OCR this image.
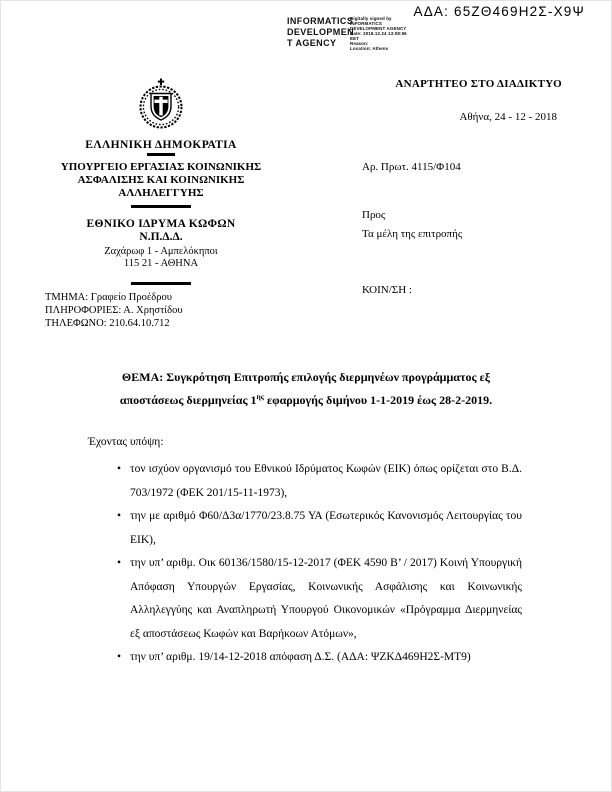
INFORMATICS
DEVELOPMEN
T AGENCY
Digitally signed by
INFORMATICS
DEVELOPMENT AGENCY
Date: 2018.12.24 13:08:56
EET
Reason:
Location: Athens
ΑΔΑ: 65ΖΘ469Η2Σ-Χ9Ψ
ΕΛΛΗΝΙΚΗ ΔΗΜΟΚΡΑΤΙΑ
ΥΠΟΥΡΓΕΙΟ ΕΡΓΑΣΙΑΣ ΚΟΙΝΩΝΙΚΗΣ
ΑΣΦΑΛΙΣΗΣ ΚΑΙ ΚΟΙΝΩΝΙΚΗΣ
ΑΛΛΗΛΕΓΓΥΗΣ
ΕΘΝΙΚΟ ΙΔΡΥΜΑ ΚΩΦΩΝ
Ν.Π.Δ.Δ.
Ζαχάρωφ 1 - Αμπελόκηποι
115 21 - ΑΘΗΝΑ
ΤΜΗΜΑ: Γραφείο Προέδρου
ΠΛΗΡΟΦΟΡΙΕΣ: Α. Χρηστίδου
ΤΗΛΕΦΩΝΟ: 210.64.10.712
ΑΝΑΡΤΗΤΕΟ ΣΤΟ ΔΙΑΔΙΚΤΥΟ
Αθήνα, 24 - 12 - 2018
Αρ. Πρωτ. 4115/Φ104
Προς
Τα μέλη της επιτροπής
ΚΟΙΝ/ΣΗ :
ΘΕΜΑ: Συγκρότηση Επιτροπής επιλογής διερμηνέων προγράμματος εξ
αποστάσεως διερμηνείας $1^{\eta\varsigma}$ εφαρμογής διμήνου 1-1-2019 έως 28-2-2019.
Έχοντας υπόψη:
• τον ισχύον οργανισμό του Εθνικού Ιδρύματος Κωφών (ΕΙΚ) όπως ορίζεται στο Β.Δ. 703/1972 (ΦΕΚ 201/15-11-1973),
• την με αριθμό Φ60/Δ3α/1770/23.8.75 ΥΑ (Εσωτερικός Κανονισμός Λειτουργίας του ΕΙΚ),
• την υπ’ αριθμ. Οικ 60136/1580/15-12-2017 (ΦΕΚ 4590 Β’ / 2017) Κοινή Υπουργική Απόφαση Υπουργών Εργασίας, Κοινωνικής Ασφάλισης και Κοινωνικής Αλληλεγγύης και Αναπληρωτή Υπουργού Οικονομικών «Πρόγραμμα Διερμηνείας εξ αποστάσεως Κωφών και Βαρήκοων Ατόμων»,
• την υπ’ αριθμ. 19/14-12-2018 απόφαση Δ.Σ. (ΑΔΑ: ΨΖΚΔ469Η2Σ-ΜΤ9)
